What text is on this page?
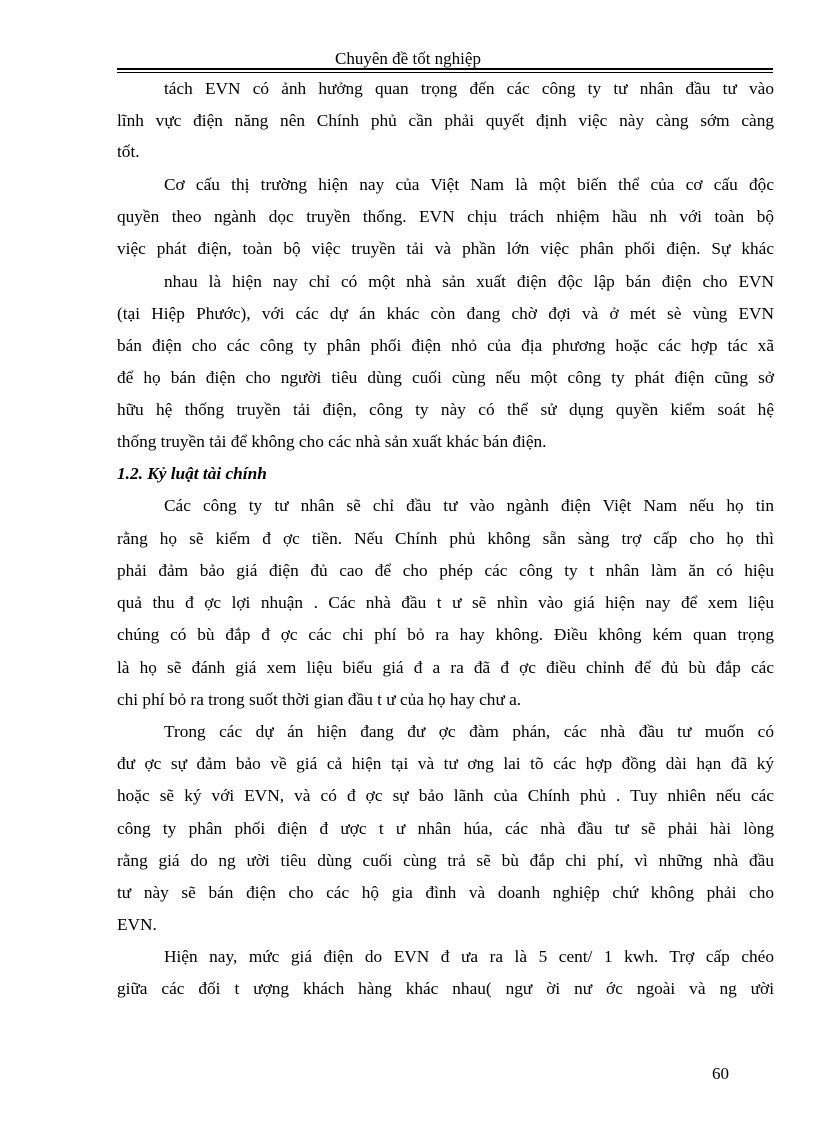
Chuyên đề tốt nghiệp
tách EVN có ảnh hưởng quan trọng đến các công ty tư nhân đầu tư vào
lĩnh vực điện năng nên Chính phủ cần phải quyết định việc này càng sớm càng
tốt.
Cơ cấu thị trường hiện nay của Việt Nam là một biến thể của cơ cấu độc
quyền theo ngành dọc truyền thống. EVN chịu trách nhiệm hầu nh với toàn bộ
việc phát điện, toàn bộ việc truyền tải và phần lớn việc phân phối điện. Sự khác
nhau là hiện nay chỉ có một nhà sản xuất điện độc lập bán điện cho EVN
(tại Hiệp Phước), với các dự án khác còn đang chờ đợi và ở mét sè vùng EVN
bán điện cho các công ty phân phối điện nhỏ của địa phương hoặc các hợp tác xã
để họ bán điện cho người tiêu dùng cuối cùng nếu một công ty phát điện cũng sở
hữu hệ thống truyền tải điện, công ty này có thể sử dụng quyền kiểm soát hệ
thống truyền tải để không cho các nhà sản xuất khác bán điện.
1.2. Kỷ luật tài chính
Các công ty tư nhân sẽ chỉ đầu tư vào ngành điện Việt Nam nếu họ tin
rằng họ sẽ kiếm đ ợc tiền. Nếu Chính phủ không sẵn sàng trợ cấp cho họ thì
phải đảm bảo giá điện đủ cao để cho phép các công ty t nhân làm ăn có hiệu
quả thu đ ợc lợi nhuận . Các nhà đầu t ư sẽ nhìn vào giá hiện nay để xem liệu
chúng có bù đắp đ ợc các chi phí bỏ ra hay không. Điều không kém quan trọng
là họ sẽ đánh giá xem liệu biểu giá đ a ra đã đ ợc điều chỉnh để đủ bù đắp các
chi phí bỏ ra trong suốt thời gian đầu t ư của họ hay chư a.
Trong các dự án hiện đang đư ợc đàm phán, các nhà đầu tư muốn có
đư ợc sự đảm bảo về giá cả hiện tại và tư ơng lai tõ các hợp đồng dài hạn đã ký
hoặc sẽ ký với EVN, và có đ ợc sự bảo lãnh của Chính phủ . Tuy nhiên nếu các
công ty phân phối điện đ ược t ư nhân húa, các nhà đầu tư sẽ phải hài lòng
rằng giá do ng ười tiêu dùng cuối cùng trả sẽ bù đắp chi phí, vì những nhà đầu
tư này sẽ bán điện cho các hộ gia đình và doanh nghiệp chứ không phải cho
EVN.
Hiện nay, mức giá điện do EVN đ ưa ra là 5 cent/ 1 kwh. Trợ cấp chéo
giữa các đối t ượng khách hàng khác nhau( ngư ời nư ớc ngoài và ng ười
60
